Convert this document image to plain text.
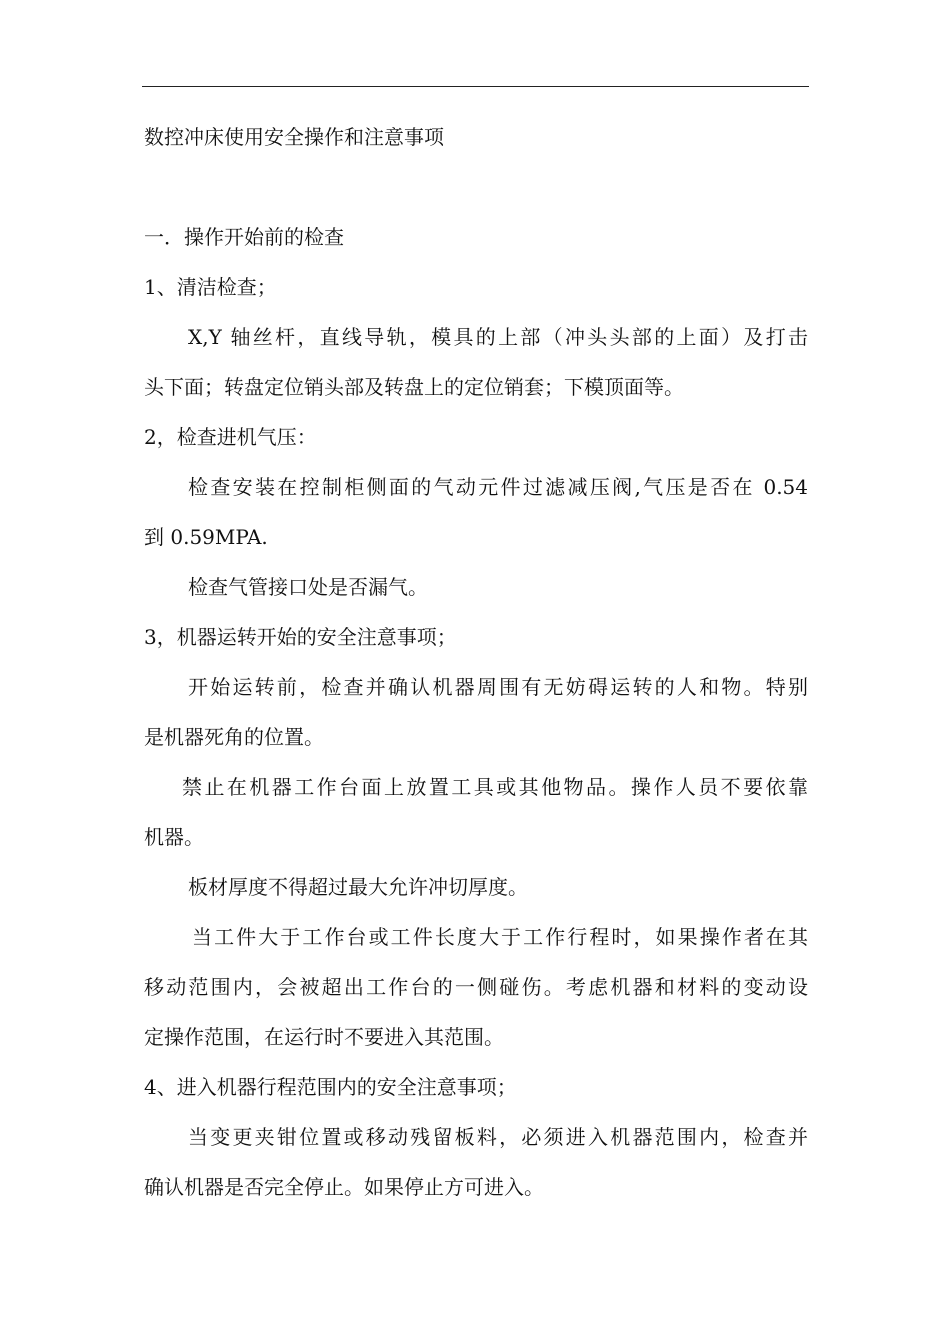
数控冲床使用安全操作和注意事项

一．操作开始前的检查

1、清洁检查；

X,Y 轴丝杆，直线导轨，模具的上部（冲头头部的上面）及打击

头下面；转盘定位销头部及转盘上的定位销套；下模顶面等。

2，检查进机气压：

检查安装在控制柜侧面的气动元件过滤减压阀,气压是否在 0.54

到 0.59MPA.

检查气管接口处是否漏气。

3，机器运转开始的安全注意事项；

开始运转前，检查并确认机器周围有无妨碍运转的人和物。特别

是机器死角的位置。

禁止在机器工作台面上放置工具或其他物品。操作人员不要依靠

机器。

板材厚度不得超过最大允许冲切厚度。

当工件大于工作台或工件长度大于工作行程时，如果操作者在其

移动范围内，会被超出工作台的一侧碰伤。考虑机器和材料的变动设

定操作范围，在运行时不要进入其范围。

4、进入机器行程范围内的安全注意事项；

当变更夹钳位置或移动残留板料，必须进入机器范围内，检查并

确认机器是否完全停止。如果停止方可进入。
